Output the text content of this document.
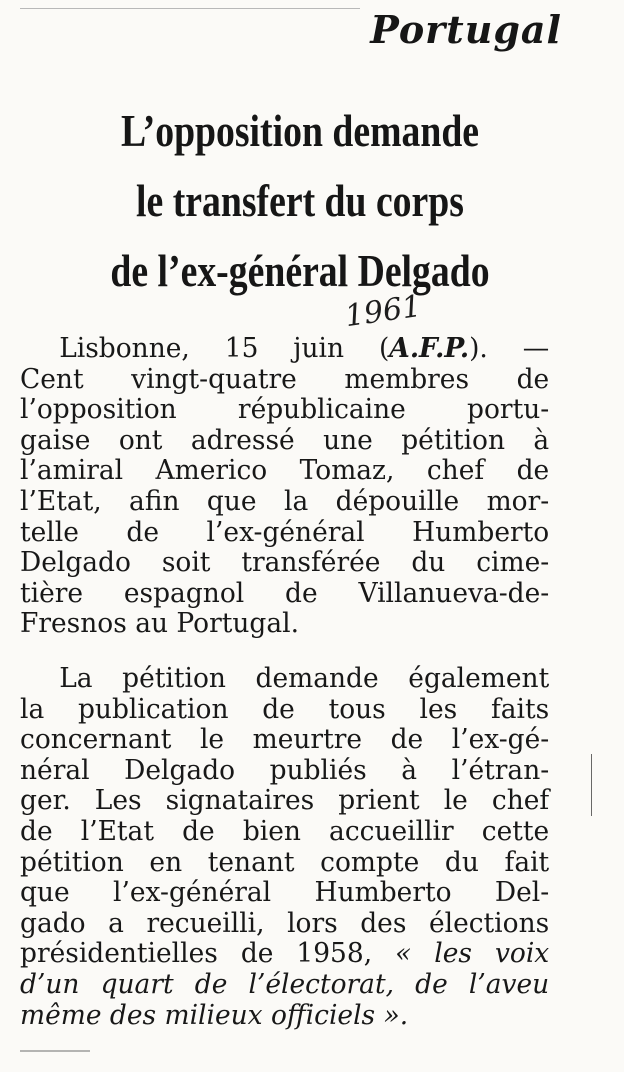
Portugal
L’opposition demande
le transfert du corps
de l’ex-général Delgado
1961
Lisbonne, 15 juin (A.F.P.). —
Cent vingt-quatre membres de
l’opposition républicaine portu-
gaise ont adressé une pétition à
l’amiral Americo Tomaz, chef de
l’Etat, afin que la dépouille mor-
telle de l’ex-général Humberto
Delgado soit transférée du cime-
tière espagnol de Villanueva-de-
Fresnos au Portugal.
La pétition demande également
la publication de tous les faits
concernant le meurtre de l’ex-gé-
néral Delgado publiés à l’étran-
ger. Les signataires prient le chef
de l’Etat de bien accueillir cette
pétition en tenant compte du fait
que l’ex-général Humberto Del-
gado a recueilli, lors des élections
présidentielles de 1958, « les voix
d’un quart de l’électorat, de l’aveu
même des milieux officiels ».
